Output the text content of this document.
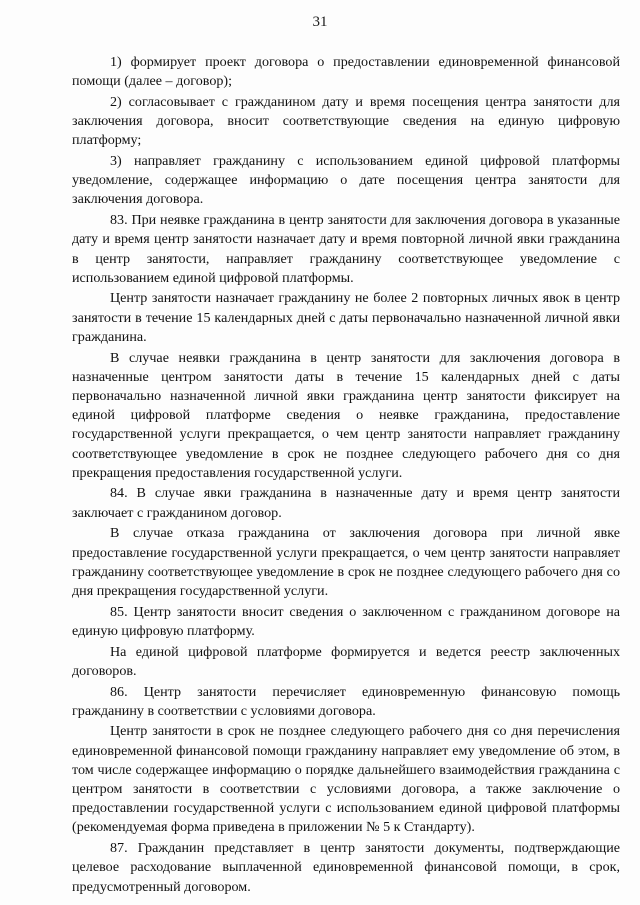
31

1) формирует проект договора о предоставлении единовременной финансовой помощи (далее – договор);

2) согласовывает с гражданином дату и время посещения центра занятости для заключения договора, вносит соответствующие сведения на единую цифровую платформу;

3) направляет гражданину с использованием единой цифровой платформы уведомление, содержащее информацию о дате посещения центра занятости для заключения договора.

83. При неявке гражданина в центр занятости для заключения договора в указанные дату и время центр занятости назначает дату и время повторной личной явки гражданина в центр занятости, направляет гражданину соответствующее уведомление с использованием единой цифровой платформы.

Центр занятости назначает гражданину не более 2 повторных личных явок в центр занятости в течение 15 календарных дней с даты первоначально назначенной личной явки гражданина.

В случае неявки гражданина в центр занятости для заключения договора в назначенные центром занятости даты в течение 15 календарных дней с даты первоначально назначенной личной явки гражданина центр занятости фиксирует на единой цифровой платформе сведения о неявке гражданина, предоставление государственной услуги прекращается, о чем центр занятости направляет гражданину соответствующее уведомление в срок не позднее следующего рабочего дня со дня прекращения предоставления государственной услуги.

84. В случае явки гражданина в назначенные дату и время центр занятости заключает с гражданином договор.

В случае отказа гражданина от заключения договора при личной явке предоставление государственной услуги прекращается, о чем центр занятости направляет гражданину соответствующее уведомление в срок не позднее следующего рабочего дня со дня прекращения государственной услуги.

85. Центр занятости вносит сведения о заключенном с гражданином договоре на единую цифровую платформу.

На единой цифровой платформе формируется и ведется реестр заключенных договоров.

86. Центр занятости перечисляет единовременную финансовую помощь гражданину в соответствии с условиями договора.

Центр занятости в срок не позднее следующего рабочего дня со дня перечисления единовременной финансовой помощи гражданину направляет ему уведомление об этом, в том числе содержащее информацию о порядке дальнейшего взаимодействия гражданина с центром занятости в соответствии с условиями договора, а также заключение о предоставлении государственной услуги с использованием единой цифровой платформы (рекомендуемая форма приведена в приложении № 5 к Стандарту).

87. Гражданин представляет в центр занятости документы, подтверждающие целевое расходование выплаченной единовременной финансовой помощи, в срок, предусмотренный договором.
